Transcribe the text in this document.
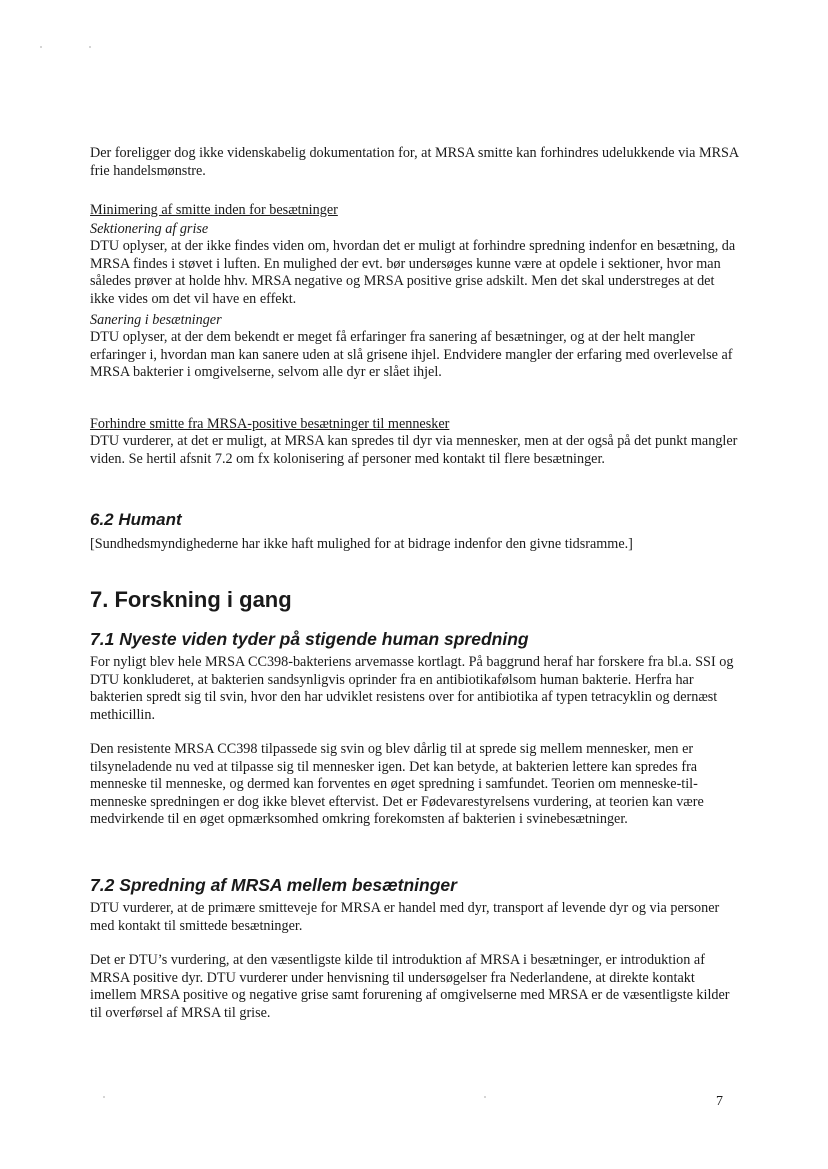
Der foreligger dog ikke videnskabelig dokumentation for, at MRSA smitte kan forhindres udelukkende via MRSA frie handelsmønstre.

Minimering af smitte inden for besætninger

Sektionering af grise

DTU oplyser, at der ikke findes viden om, hvordan det er muligt at forhindre spredning indenfor en besætning, da MRSA findes i støvet i luften. En mulighed der evt. bør undersøges kunne være at opdele i sektioner, hvor man således prøver at holde hhv. MRSA negative og MRSA positive grise adskilt. Men det skal understreges at det ikke vides om det vil have en effekt.

Sanering i besætninger

DTU oplyser, at der dem bekendt er meget få erfaringer fra sanering af besætninger, og at der helt mangler erfaringer i, hvordan man kan sanere uden at slå grisene ihjel. Endvidere mangler der erfaring med overlevelse af MRSA bakterier i omgivelserne, selvom alle dyr er slået ihjel.

Forhindre smitte fra MRSA-positive besætninger til mennesker

DTU vurderer, at det er muligt, at MRSA kan spredes til dyr via mennesker, men at der også på det punkt mangler viden. Se hertil afsnit 7.2 om fx kolonisering af personer med kontakt til flere besætninger.

6.2 Humant

[Sundhedsmyndighederne har ikke haft mulighed for at bidrage indenfor den givne tidsramme.]

7. Forskning i gang

7.1 Nyeste viden tyder på stigende human spredning

For nyligt blev hele MRSA CC398-bakteriens arvemasse kortlagt. På baggrund heraf har forskere fra bl.a. SSI og DTU konkluderet, at bakterien sandsynligvis oprinder fra en antibiotikafølsom human bakterie. Herfra har bakterien spredt sig til svin, hvor den har udviklet resistens over for antibiotika af typen tetracyklin og dernæst methicillin.

Den resistente MRSA CC398 tilpassede sig svin og blev dårlig til at sprede sig mellem mennesker, men er tilsyneladende nu ved at tilpasse sig til mennesker igen. Det kan betyde, at bakterien lettere kan spredes fra menneske til menneske, og dermed kan forventes en øget spredning i samfundet. Teorien om menneske-til-menneske spredningen er dog ikke blevet eftervist. Det er Fødevarestyrelsens vurdering, at teorien kan være medvirkende til en øget opmærksomhed omkring forekomsten af bakterien i svinebesætninger.

7.2 Spredning af MRSA mellem besætninger

DTU vurderer, at de primære smitteveje for MRSA er handel med dyr, transport af levende dyr og via personer med kontakt til smittede besætninger.

Det er DTU’s vurdering, at den væsentligste kilde til introduktion af MRSA i besætninger, er introduktion af MRSA positive dyr. DTU vurderer under henvisning til undersøgelser fra Nederlandene, at direkte kontakt imellem MRSA positive og negative grise samt forurening af omgivelserne med MRSA er de væsentligste kilder til overførsel af MRSA til grise.

7
